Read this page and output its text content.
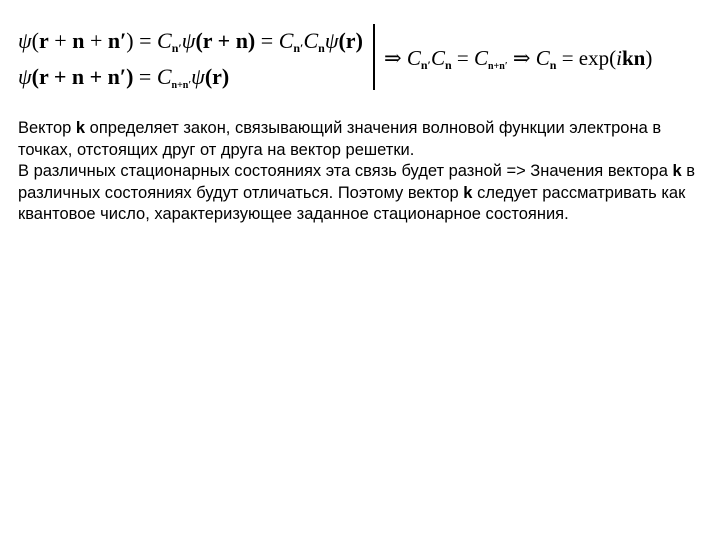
$\psi(r + n + n') = C_{n'}\psi(r + n) = C_{n'}C_n\psi(r)$
$\psi(r + n + n') = C_{n+n'}\psi(r)$
⇒ $C_{n'}C_n = C_{n+n'}$ ⇒ $C_n = \exp(ikn)$

Вектор k определяет закон, связывающий значения волновой функции электрона в точках, отстоящих друг от друга на вектор решетки.

В различных стационарных состояниях эта связь будет разной => Значения вектора k в различных состояниях будут отличаться. Поэтому вектор k следует рассматривать как квантовое число, характеризующее заданное стационарное состояния.
